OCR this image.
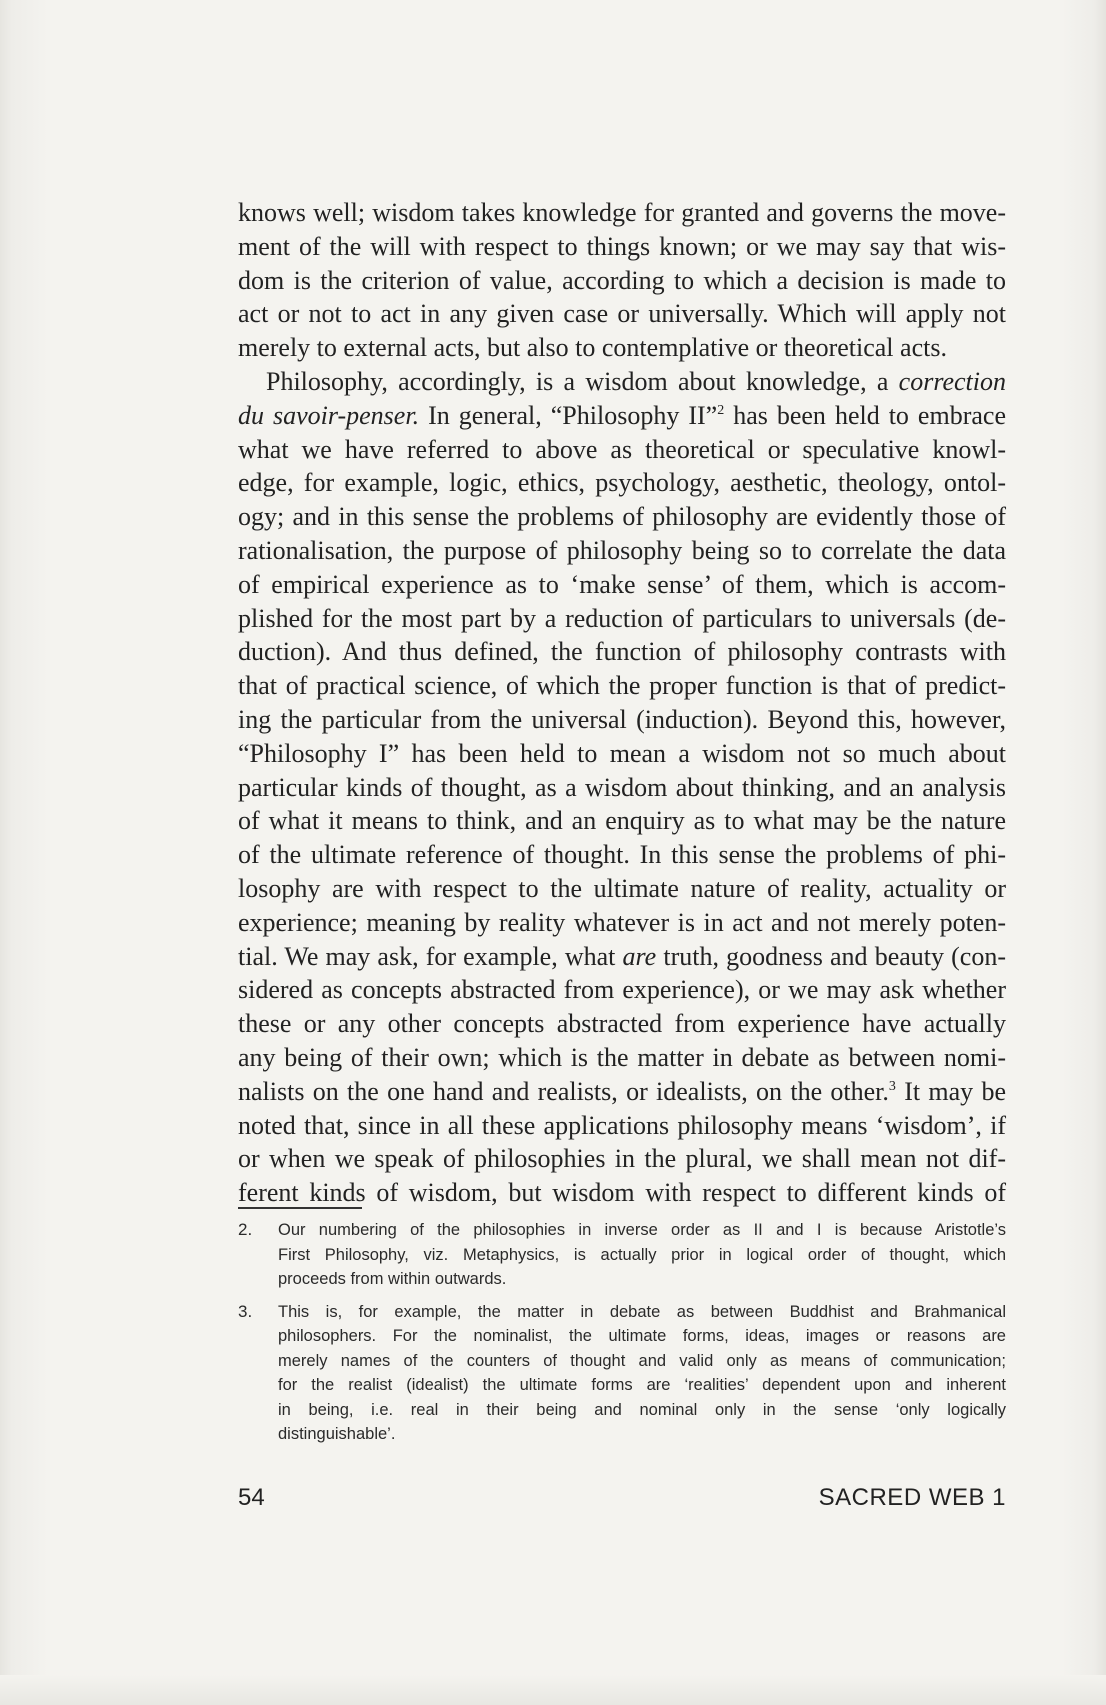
knows well; wisdom takes knowledge for granted and governs the move-
ment of the will with respect to things known; or we may say that wis-
dom is the criterion of value, according to which a decision is made to
act or not to act in any given case or universally. Which will apply not
merely to external acts, but also to contemplative or theoretical acts.
Philosophy, accordingly, is a wisdom about knowledge, a correction
du savoir-penser. In general, “Philosophy II”$^2$ has been held to embrace
what we have referred to above as theoretical or speculative knowl-
edge, for example, logic, ethics, psychology, aesthetic, theology, ontol-
ogy; and in this sense the problems of philosophy are evidently those of
rationalisation, the purpose of philosophy being so to correlate the data
of empirical experience as to ‘make sense’ of them, which is accom-
plished for the most part by a reduction of particulars to universals (de-
duction). And thus defined, the function of philosophy contrasts with
that of practical science, of which the proper function is that of predict-
ing the particular from the universal (induction). Beyond this, however,
“Philosophy I” has been held to mean a wisdom not so much about
particular kinds of thought, as a wisdom about thinking, and an analysis
of what it means to think, and an enquiry as to what may be the nature
of the ultimate reference of thought. In this sense the problems of phi-
losophy are with respect to the ultimate nature of reality, actuality or
experience; meaning by reality whatever is in act and not merely poten-
tial. We may ask, for example, what are truth, goodness and beauty (con-
sidered as concepts abstracted from experience), or we may ask whether
these or any other concepts abstracted from experience have actually
any being of their own; which is the matter in debate as between nomi-
nalists on the one hand and realists, or idealists, on the other.$^3$ It may be
noted that, since in all these applications philosophy means ‘wisdom’, if
or when we speak of philosophies in the plural, we shall mean not dif-
ferent kinds of wisdom, but wisdom with respect to different kinds of
2. Our numbering of the philosophies in inverse order as II and I is because Aristotle’s
First Philosophy, viz. Metaphysics, is actually prior in logical order of thought, which
proceeds from within outwards.
3. This is, for example, the matter in debate as between Buddhist and Brahmanical
philosophers. For the nominalist, the ultimate forms, ideas, images or reasons are
merely names of the counters of thought and valid only as means of communication;
for the realist (idealist) the ultimate forms are ‘realities’ dependent upon and inherent
in being, i.e. real in their being and nominal only in the sense ‘only logically
distinguishable’.
54	SACRED WEB 1
